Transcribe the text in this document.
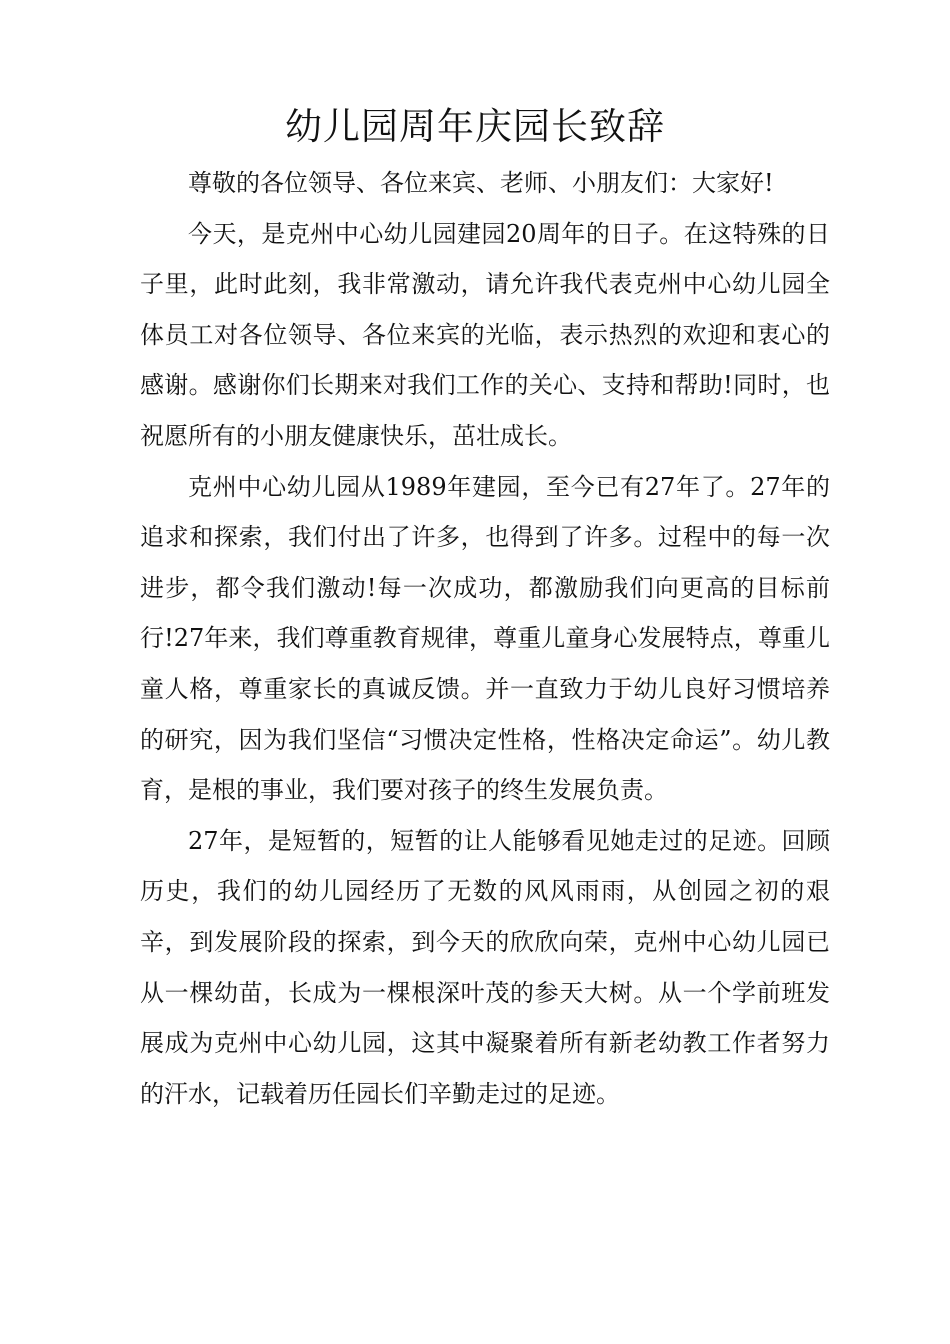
幼儿园周年庆园长致辞

尊敬的各位领导、各位来宾、老师、小朋友们：大家好!

今天，是克州中心幼儿园建园20周年的日子。在这特殊的日子里，此时此刻，我非常激动，请允许我代表克州中心幼儿园全体员工对各位领导、各位来宾的光临，表示热烈的欢迎和衷心的感谢。感谢你们长期来对我们工作的关心、支持和帮助!同时，也祝愿所有的小朋友健康快乐，茁壮成长。

克州中心幼儿园从1989年建园，至今已有27年了。27年的追求和探索，我们付出了许多，也得到了许多。过程中的每一次进步，都令我们激动!每一次成功，都激励我们向更高的目标前行!27年来，我们尊重教育规律，尊重儿童身心发展特点，尊重儿童人格，尊重家长的真诚反馈。并一直致力于幼儿良好习惯培养的研究，因为我们坚信“习惯决定性格，性格决定命运”。幼儿教育，是根的事业，我们要对孩子的终生发展负责。

27年，是短暂的，短暂的让人能够看见她走过的足迹。回顾历史，我们的幼儿园经历了无数的风风雨雨，从创园之初的艰辛，到发展阶段的探索，到今天的欣欣向荣，克州中心幼儿园已从一棵幼苗，长成为一棵根深叶茂的参天大树。从一个学前班发展成为克州中心幼儿园，这其中凝聚着所有新老幼教工作者努力的汗水，记载着历任园长们辛勤走过的足迹。
